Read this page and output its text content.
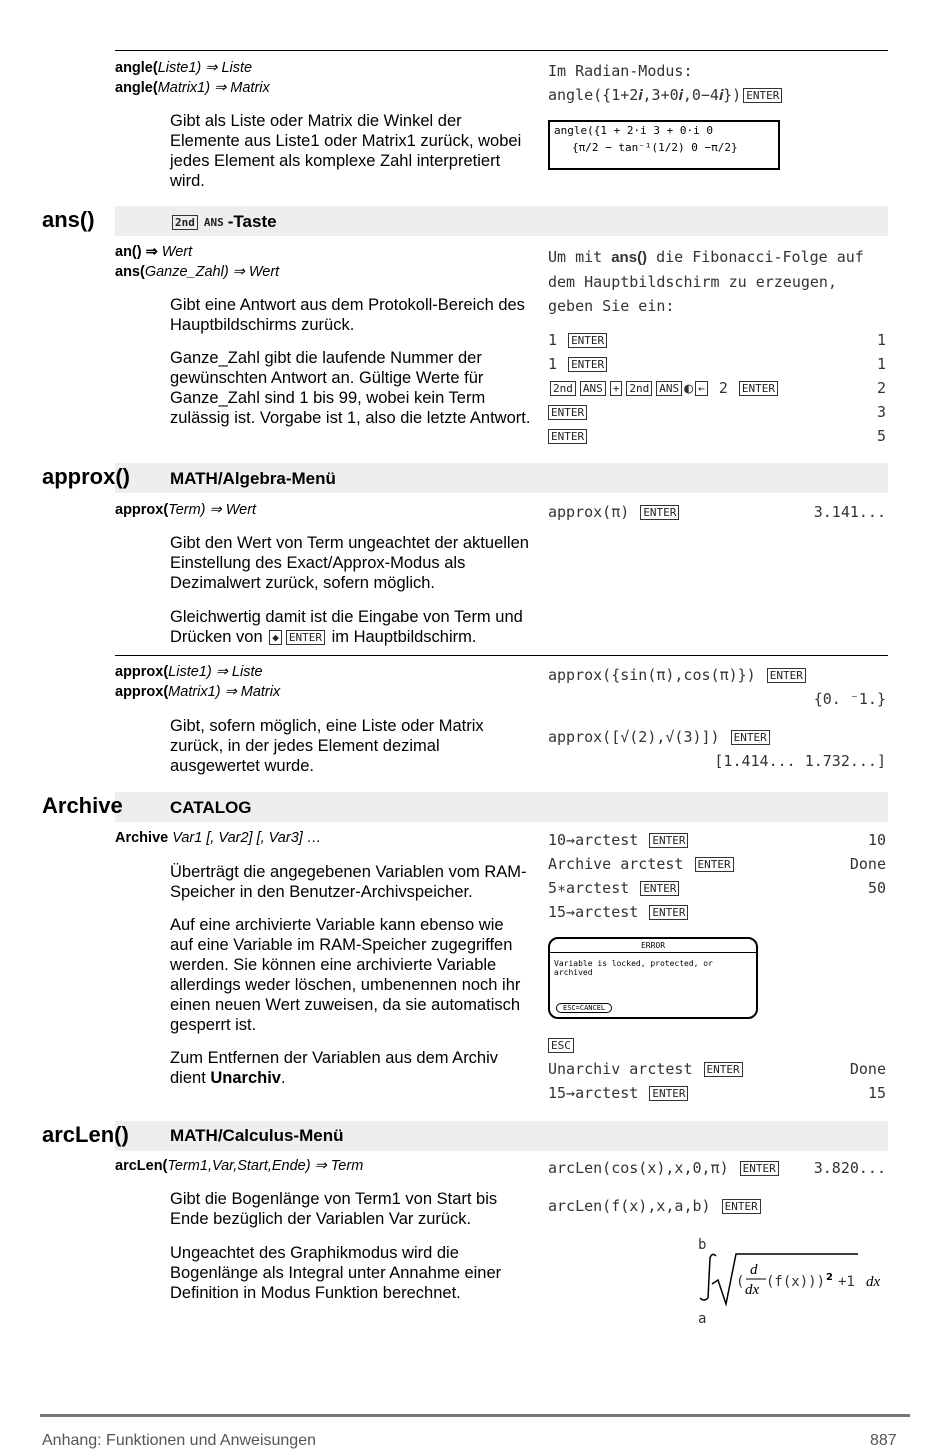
angle(Liste1) ⇒ Liste
angle(Matrix1) ⇒ Matrix
Gibt als Liste oder Matrix die Winkel der Elemente aus Liste1 oder Matrix1 zurück, wobei jedes Element als komplexe Zahl interpretiert wird.
Im Radian-Modus:
angle({1+2𝒊,3+0𝒊,0−4𝒊}) ENTER
angle({1 + 2·i 3 + 0·i 0
{π/2 − tan⁻¹(1/2) 0 −π/2}
ans()	2nd ANS -Taste
an() ⇒ Wert
ans(Ganze_Zahl) ⇒ Wert
Gibt eine Antwort aus dem Protokoll-Bereich des Hauptbildschirms zurück.
Ganze_Zahl gibt die laufende Nummer der gewünschten Antwort an. Gültige Werte für Ganze_Zahl sind 1 bis 99, wobei kein Term zulässig ist. Vorgabe ist 1, also die letzte Antwort.
Um mit ans() die Fibonacci-Folge auf
dem Hauptbildschirm zu erzeugen,
geben Sie ein:
1 ENTER	1
1 ENTER	1
2nd ANS + 2nd ANS ◐ ← 2 ENTER	2
ENTER	3
ENTER	5
approx() MATH/Algebra-Menü
approx(Term) ⇒ Wert
Gibt den Wert von Term ungeachtet der aktuellen Einstellung des Exact/Approx-Modus als Dezimalwert zurück, sofern möglich.
Gleichwertig damit ist die Eingabe von Term und Drücken von ◆ ENTER im Hauptbildschirm.
approx(π) ENTER	3.141...
approx(Liste1) ⇒ Liste
approx(Matrix1) ⇒ Matrix
Gibt, sofern möglich, eine Liste oder Matrix zurück, in der jedes Element dezimal ausgewertet wurde.
approx({sin(π),cos(π)}) ENTER
{0. ⁻1.}
approx([√(2),√(3)]) ENTER
[1.414... 1.732...]
Archive	CATALOG
Archive Var1 [, Var2] [, Var3] …
Überträgt die angegebenen Variablen vom RAM-Speicher in den Benutzer-Archivspeicher.
Auf eine archivierte Variable kann ebenso wie auf eine Variable im RAM-Speicher zugegriffen werden. Sie können eine archivierte Variable allerdings weder löschen, umbenennen noch ihr einen neuen Wert zuweisen, da sie automatisch gesperrt ist.
Zum Entfernen der Variablen aus dem Archiv dient Unarchiv.
10→arctest ENTER	10
Archive arctest ENTER	Done
5∗arctest ENTER	50
15→arctest ENTER
ERROR
Variable is locked, protected, or archived
ESC=CANCEL
ESC
Unarchiv arctest ENTER	Done
15→arctest ENTER	15
arcLen() MATH/Calculus-Menü
arcLen(Term1,Var,Start,Ende) ⇒ Term
Gibt die Bogenlänge von Term1 von Start bis Ende bezüglich der Variablen Var zurück.
Ungeachtet des Graphikmodus wird die Bogenlänge als Integral unter Annahme einer Definition in Modus Funktion berechnet.
arcLen(cos(x),x,0,π) ENTER	3.820...
arcLen(f(x),x,a,b) ENTER
b
a
(
d
dx (f(x))) 2 +1 dx
Anhang: Funktionen und Anweisungen	887
